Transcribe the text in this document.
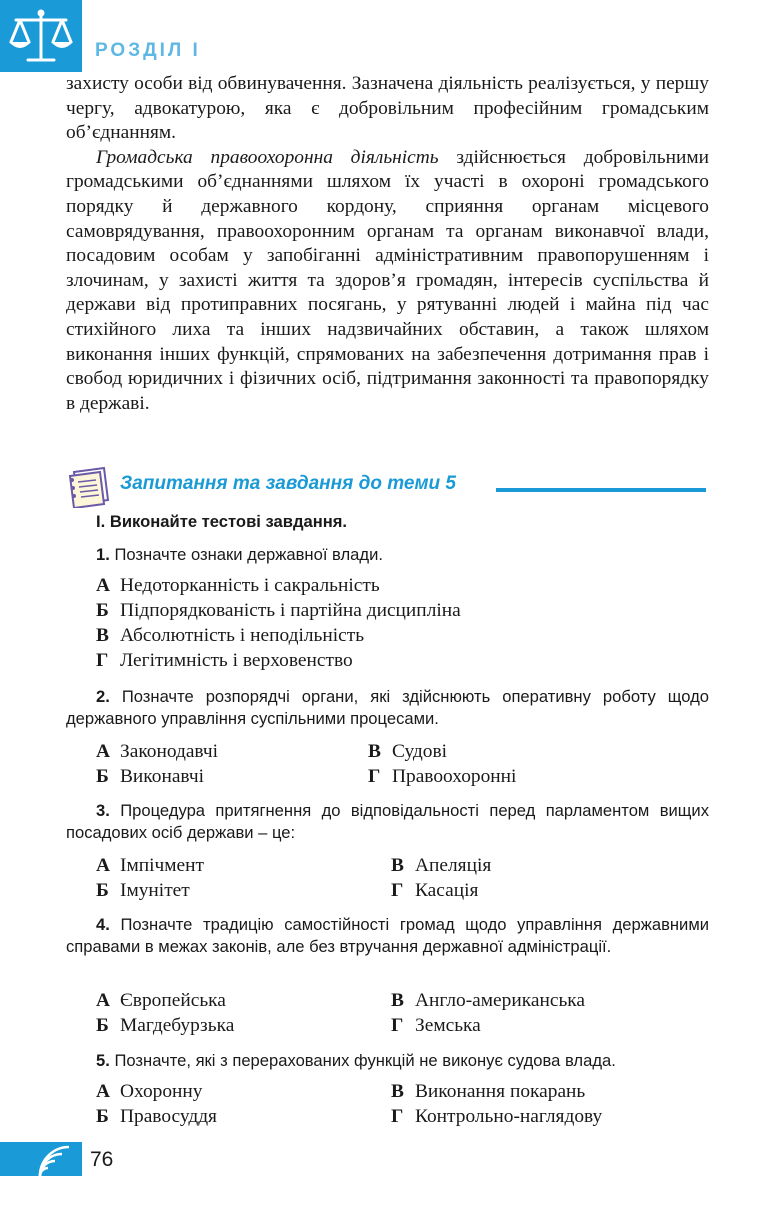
РОЗДІЛ I

захисту особи від обвинувачення. Зазначена діяльність реалізується, у першу чергу, адвокатурою, яка є добровільним професійним громадським об’єднанням.

Громадська правоохоронна діяльність здійснюється добровільними громадськими об’єднаннями шляхом їх участі в охороні громадського порядку й державного кордону, сприяння органам місцевого самоврядування, правоохоронним органам та органам виконавчої влади, посадовим особам у запобіганні адміністративним правопорушенням і злочинам, у захисті життя та здоров’я громадян, інтересів суспільства й держави від протиправних посягань, у рятуванні людей і майна під час стихійного лиха та інших надзвичайних обставин, а також шляхом виконання інших функцій, спрямованих на забезпечення дотримання прав і свобод юридичних і фізичних осіб, підтримання законності та правопорядку в державі.

Запитання та завдання до теми 5
I. Виконайте тестові завдання.
1. Позначте ознаки державної влади.
А Недоторканність і сакральність
Б Підпорядкованість і партійна дисципліна
В Абсолютність і неподільність
Г Легітимність і верховенство
2. Позначте розпорядчі органи, які здійснюють оперативну роботу щодо державного управління суспільними процесами.
А Законодавчі
Б Виконавчі
В Судові
Г Правоохоронні
3. Процедура притягнення до відповідальності перед парламентом вищих посадових осіб держави – це:
А Імпічмент
Б Імунітет
В Апеляція
Г Касація
4. Позначте традицію самостійності громад щодо управління державними справами в межах законів, але без втручання державної адміністрації.
А Європейська
Б Магдебурзька
В Англо-американська
Г Земська
5. Позначте, які з перерахованих функцій не виконує судова влада.
А Охоронну
Б Правосуддя
В Виконання покарань
Г Контрольно-наглядову
76
